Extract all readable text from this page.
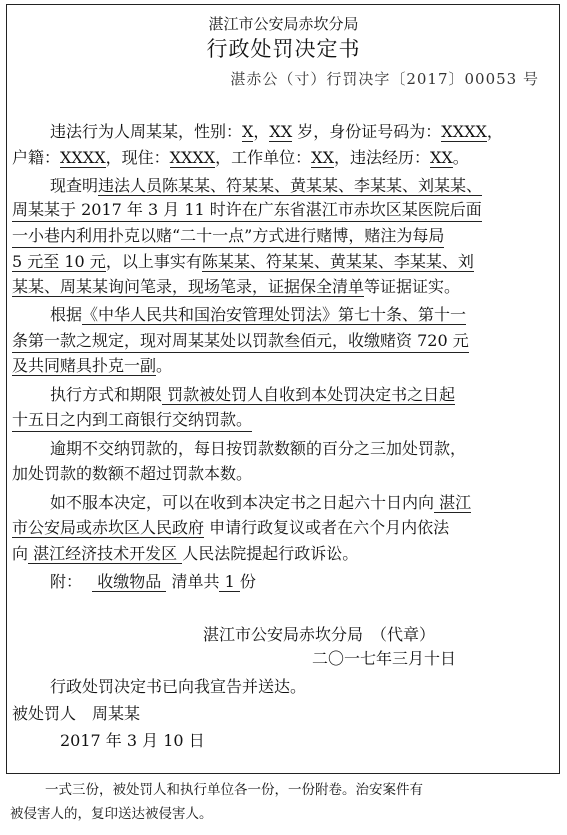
湛江市公安局赤坎分局
行政处罚决定书
湛赤公（寸）行罚决字〔2017〕00053 号
违法行为人周某某，性别：X，XX 岁，身份证号码为：XXXX，
户籍：XXXX，现住：XXXX，工作单位：XX，违法经历：XX。
现查明违法人员陈某某、符某某、黄某某、李某某、刘某某、
周某某于 2017 年 3 月 11 时许在广东省湛江市赤坎区某医院后面
一小巷内利用扑克以赌“二十一点”方式进行赌博，赌注为每局
5 元至 10 元，以上事实有陈某某、符某某、黄某某、李某某、刘
某某、周某某询问笔录，现场笔录，证据保全清单等证据证实。
根据《中华人民共和国治安管理处罚法》第七十条、第十一
条第一款之规定，现对周某某处以罚款叁佰元，收缴赌资 720 元
及共同赌具扑克一副。
执行方式和期限 罚款被处罚人自收到本处罚决定书之日起
十五日之内到工商银行交纳罚款。
逾期不交纳罚款的，每日按罚款数额的百分之三加处罚款，
加处罚款的数额不超过罚款本数。
如不服本决定，可以在收到本决定书之日起六十日内向 湛江
市公安局或赤坎区人民政府 申请行政复议或者在六个月内依法
向 湛江经济技术开发区 人民法院提起行政诉讼。
附：   收缴物品  清单共 1 份
湛江市公安局赤坎分局　（代章）
二〇一七年三月十日
行政处罚决定书已向我宣告并送达。
被处罚人　周某某
2017 年 3 月 10 日
一式三份，被处罚人和执行单位各一份，一份附卷。治安案件有
被侵害人的，复印送达被侵害人。
